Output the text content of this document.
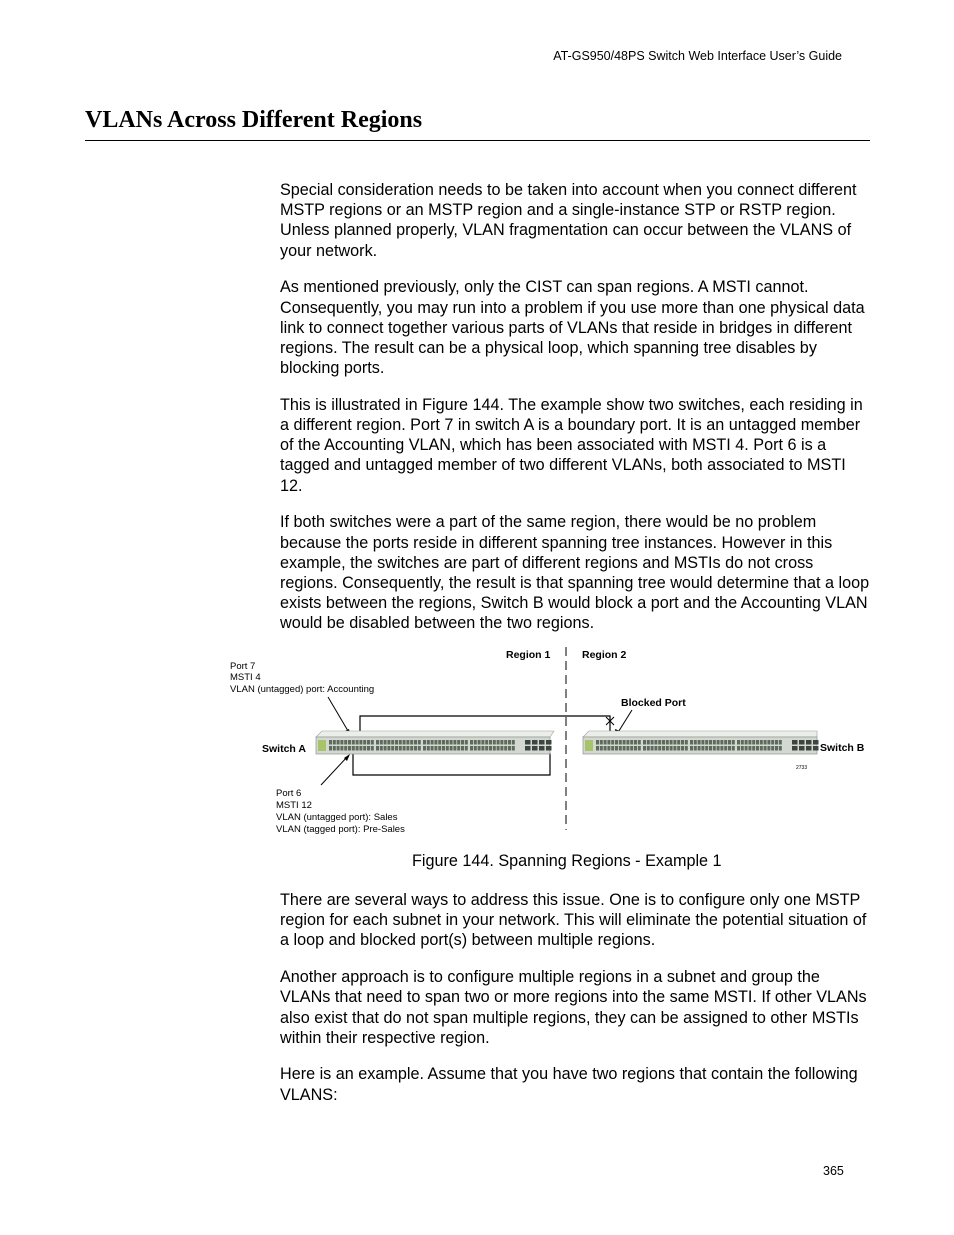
AT-GS950/48PS Switch Web Interface User’s Guide
VLANs Across Different Regions

Special consideration needs to be taken into account when you connect different MSTP regions or an MSTP region and a single-instance STP or RSTP region. Unless planned properly, VLAN fragmentation can occur between the VLANS of your network.

As mentioned previously, only the CIST can span regions. A MSTI cannot. Consequently, you may run into a problem if you use more than one physical data link to connect together various parts of VLANs that reside in bridges in different regions. The result can be a physical loop, which spanning tree disables by blocking ports.

This is illustrated in Figure 144. The example show two switches, each residing in a different region. Port 7 in switch A is a boundary port. It is an untagged member of the Accounting VLAN, which has been associated with MSTI 4. Port 6 is a tagged and untagged member of two different VLANs, both associated to MSTI 12.

If both switches were a part of the same region, there would be no problem because the ports reside in different spanning tree instances. However in this example, the switches are part of different regions and MSTIs do not cross regions. Consequently, the result is that spanning tree would determine that a loop exists between the regions, Switch B would block a port and the Accounting VLAN would be disabled between the two regions.

Region 1	Region 2
Port 7
MSTI 4
VLAN (untagged) port: Accounting
Blocked Port
Switch A	Switch B
2733
Port 6
MSTI 12
VLAN (untagged port): Sales
VLAN (tagged port): Pre-Sales
Figure 144. Spanning Regions - Example 1

There are several ways to address this issue. One is to configure only one MSTP region for each subnet in your network. This will eliminate the potential situation of a loop and blocked port(s) between multiple regions.

Another approach is to configure multiple regions in a subnet and group the VLANs that need to span two or more regions into the same MSTI. If other VLANs also exist that do not span multiple regions, they can be assigned to other MSTIs within their respective region.

Here is an example. Assume that you have two regions that contain the following VLANS:

365
